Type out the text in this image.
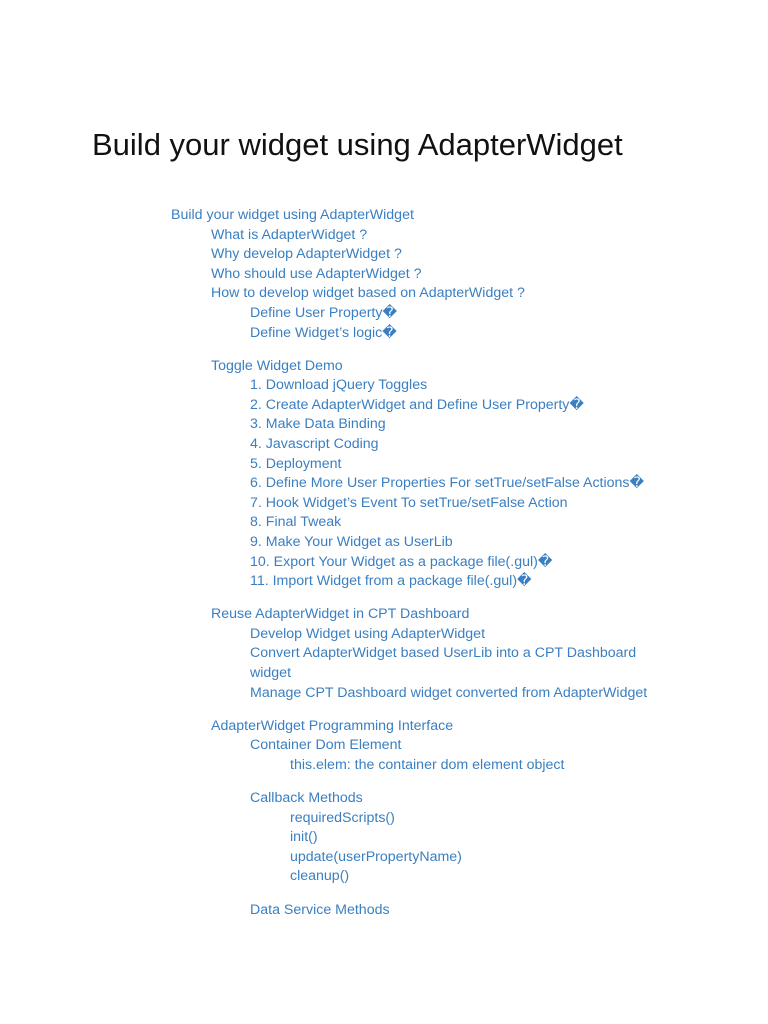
Build your widget using AdapterWidget
Build your widget using AdapterWidget
What is AdapterWidget ?
Why develop AdapterWidget ?
Who should use AdapterWidget ?
How to develop widget based on AdapterWidget ?
Define User Property�
Define Widget’s logic�
Toggle Widget Demo
1. Download jQuery Toggles
2. Create AdapterWidget and Define User Property�
3. Make Data Binding
4. Javascript Coding
5. Deployment
6. Define More User Properties For setTrue/setFalse Actions�
7. Hook Widget’s Event To setTrue/setFalse Action
8. Final Tweak
9. Make Your Widget as UserLib
10. Export Your Widget as a package file(.gul)�
11. Import Widget from a package file(.gul)�
Reuse AdapterWidget in CPT Dashboard
Develop Widget using AdapterWidget
Convert AdapterWidget based UserLib into a CPT Dashboard
widget
Manage CPT Dashboard widget converted from AdapterWidget
AdapterWidget Programming Interface
Container Dom Element
this.elem: the container dom element object
Callback Methods
requiredScripts()
init()
update(userPropertyName)
cleanup()
Data Service Methods
